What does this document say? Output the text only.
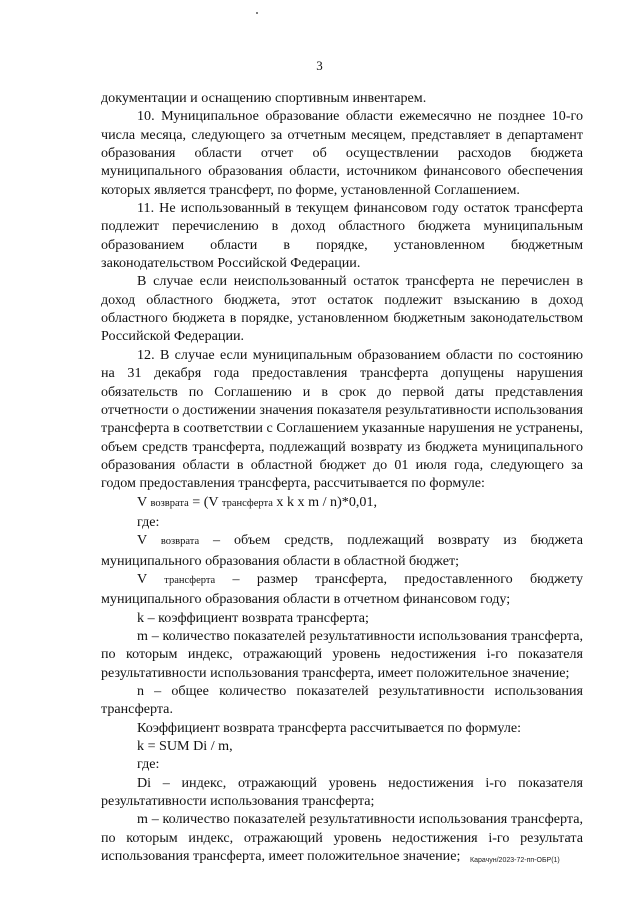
3

документации и оснащению спортивным инвентарем.

10. Муниципальное образование области ежемесячно не позднее 10-го числа месяца, следующего за отчетным месяцем, представляет в департамент образования области отчет об осуществлении расходов бюджета муниципального образования области, источником финансового обеспечения которых является трансферт, по форме, установленной Соглашением.

11. Не использованный в текущем финансовом году остаток трансферта подлежит перечислению в доход областного бюджета муниципальным образованием области в порядке, установленном бюджетным законодательством Российской Федерации.

В случае если неиспользованный остаток трансферта не перечислен в доход областного бюджета, этот остаток подлежит взысканию в доход областного бюджета в порядке, установленном бюджетным законодательством Российской Федерации.

12. В случае если муниципальным образованием области по состоянию на 31 декабря года предоставления трансферта допущены нарушения обязательств по Соглашению и в срок до первой даты представления отчетности о достижении значения показателя результативности использования трансферта в соответствии с Соглашением указанные нарушения не устранены, объем средств трансферта, подлежащий возврату из бюджета муниципального образования области в областной бюджет до 01 июля года, следующего за годом предоставления трансферта, рассчитывается по формуле:

V возврата = (V трансферта x k x m / n)*0,01,

где:

V возврата – объем средств, подлежащий возврату из бюджета муниципального образования области в областной бюджет;

V трансферта – размер трансферта, предоставленного бюджету муниципального образования области в отчетном финансовом году;

k – коэффициент возврата трансферта;

m – количество показателей результативности использования трансферта, по которым индекс, отражающий уровень недостижения i-го показателя результативности использования трансферта, имеет положительное значение;

n – общее количество показателей результативности использования трансферта.

Коэффициент возврата трансферта рассчитывается по формуле:

k = SUM Di / m,

где:

Di – индекс, отражающий уровень недостижения i-го показателя результативности использования трансферта;

m – количество показателей результативности использования трансферта, по которым индекс, отражающий уровень недостижения i-го результата использования трансферта, имеет положительное значение;	Карачун/2023-72-пп-ОБР(1)
